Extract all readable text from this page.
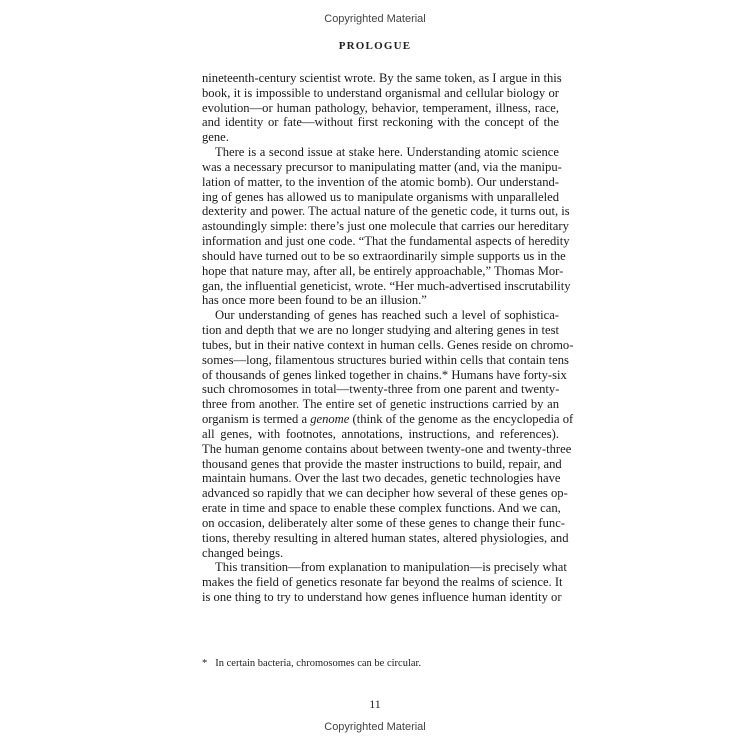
Copyrighted Material
PROLOGUE
nineteenth-century scientist wrote. By the same token, as I argue in this
book, it is impossible to understand organismal and cellular biology or
evolution—or human pathology, behavior, temperament, illness, race,
and identity or fate—without first reckoning with the concept of the
gene.
There is a second issue at stake here. Understanding atomic science
was a necessary precursor to manipulating matter (and, via the manipu-
lation of matter, to the invention of the atomic bomb). Our understand-
ing of genes has allowed us to manipulate organisms with unparalleled
dexterity and power. The actual nature of the genetic code, it turns out, is
astoundingly simple: there’s just one molecule that carries our hereditary
information and just one code. “That the fundamental aspects of heredity
should have turned out to be so extraordinarily simple supports us in the
hope that nature may, after all, be entirely approachable,” Thomas Mor-
gan, the influential geneticist, wrote. “Her much-advertised inscrutability
has once more been found to be an illusion.”
Our understanding of genes has reached such a level of sophistica-
tion and depth that we are no longer studying and altering genes in test
tubes, but in their native context in human cells. Genes reside on chromo-
somes—long, filamentous structures buried within cells that contain tens
of thousands of genes linked together in chains.* Humans have forty-six
such chromosomes in total—twenty-three from one parent and twenty-
three from another. The entire set of genetic instructions carried by an
organism is termed a genome (think of the genome as the encyclopedia of
all genes, with footnotes, annotations, instructions, and references).
The human genome contains about between twenty-one and twenty-three
thousand genes that provide the master instructions to build, repair, and
maintain humans. Over the last two decades, genetic technologies have
advanced so rapidly that we can decipher how several of these genes op-
erate in time and space to enable these complex functions. And we can,
on occasion, deliberately alter some of these genes to change their func-
tions, thereby resulting in altered human states, altered physiologies, and
changed beings.
This transition—from explanation to manipulation—is precisely what
makes the field of genetics resonate far beyond the realms of science. It
is one thing to try to understand how genes influence human identity or
* In certain bacteria, chromosomes can be circular.
11
Copyrighted Material
